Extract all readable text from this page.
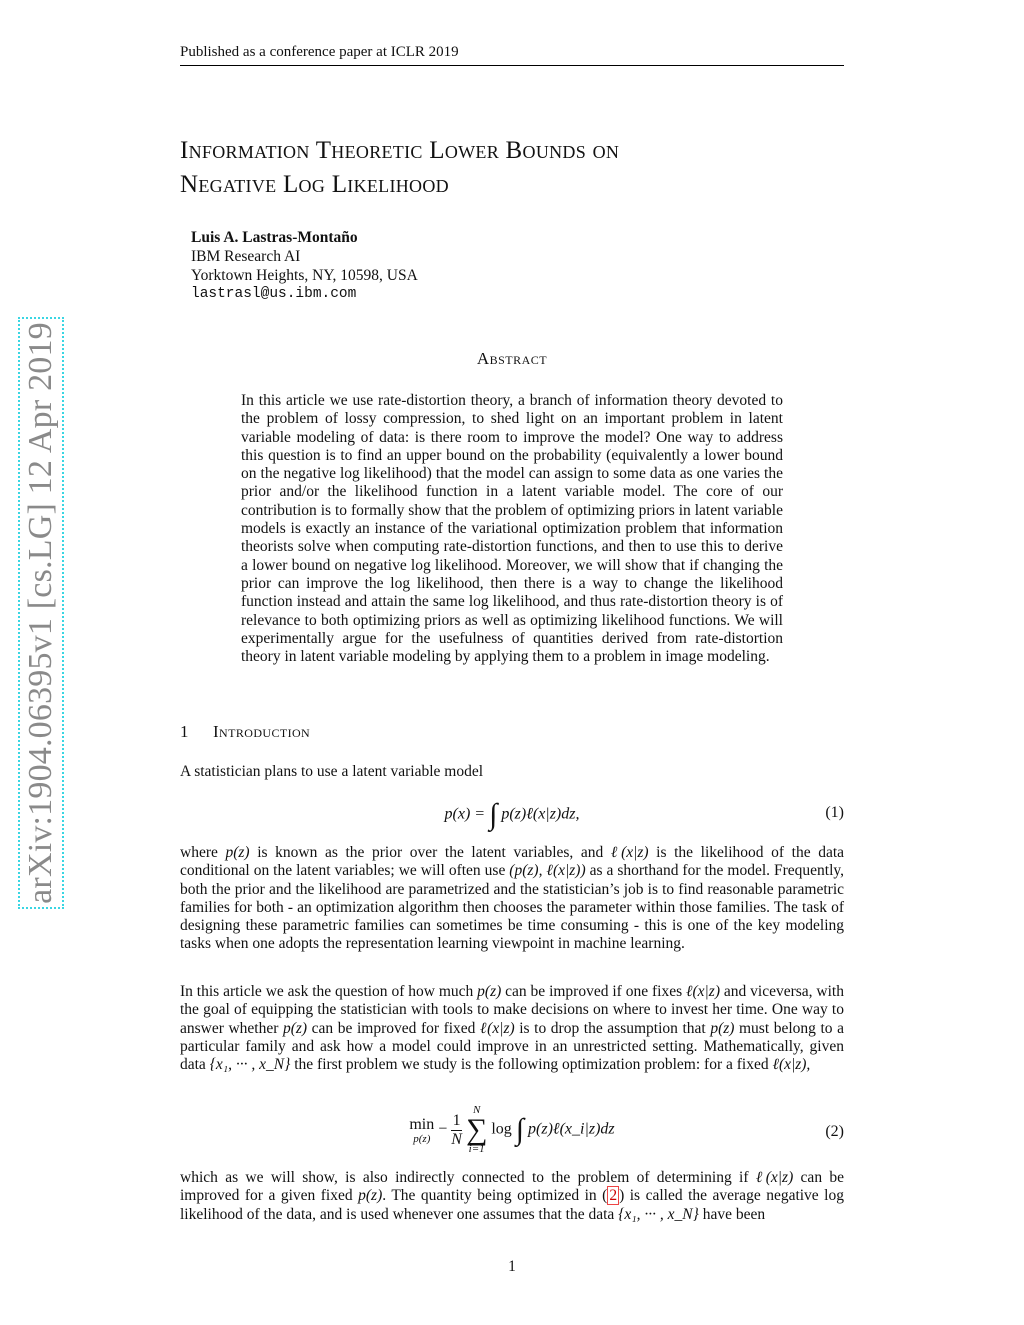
Published as a conference paper at ICLR 2019
arXiv:1904.06395v1 [cs.LG] 12 Apr 2019
Information Theoretic Lower Bounds on
Negative Log Likelihood
Luis A. Lastras-Montaño
IBM Research AI
Yorktown Heights, NY, 10598, USA
lastrasl@us.ibm.com
Abstract
In this article we use rate-distortion theory, a branch of information theory devoted to the problem of lossy compression, to shed light on an important problem in latent variable modeling of data: is there room to improve the model? One way to address this question is to find an upper bound on the probability (equivalently a lower bound on the negative log likelihood) that the model can assign to some data as one varies the prior and/or the likelihood function in a latent variable model. The core of our contribution is to formally show that the problem of optimizing priors in latent variable models is exactly an instance of the variational optimization problem that information theorists solve when computing rate-distortion functions, and then to use this to derive a lower bound on negative log likelihood. Moreover, we will show that if changing the prior can improve the log likelihood, then there is a way to change the likelihood function instead and attain the same log likelihood, and thus rate-distortion theory is of relevance to both optimizing priors as well as optimizing likelihood functions. We will experimentally argue for the usefulness of quantities derived from rate-distortion theory in latent variable modeling by applying them to a problem in image modeling.
1 Introduction
A statistician plans to use a latent variable model
p(x) = ∫ p(z)ℓ(x|z)dz,	(1)
where p(z) is known as the prior over the latent variables, and ℓ(x|z) is the likelihood of the data conditional on the latent variables; we will often use (p(z), ℓ(x|z)) as a shorthand for the model. Frequently, both the prior and the likelihood are parametrized and the statistician’s job is to find reasonable parametric families for both - an optimization algorithm then chooses the parameter within those families. The task of designing these parametric families can sometimes be time consuming - this is one of the key modeling tasks when one adopts the representation learning viewpoint in machine learning.
In this article we ask the question of how much p(z) can be improved if one fixes ℓ(x|z) and viceversa, with the goal of equipping the statistician with tools to make decisions on where to invest her time. One way to answer whether p(z) can be improved for fixed ℓ(x|z) is to drop the assumption that p(z) must belong to a particular family and ask how a model could improve in an unrestricted setting. Mathematically, given data {x₁, ··· , x_N} the first problem we study is the following optimization problem: for a fixed ℓ(x|z),
min
p(z)
− $\frac{1}{N}$

N
∑
i=1
log ∫ p(z)ℓ(x_i|z)dz	(2)
which as we will show, is also indirectly connected to the problem of determining if ℓ(x|z) can be improved for a given fixed p(z). The quantity being optimized in ( 2 ) is called the average negative log likelihood of the data, and is used whenever one assumes that the data {x₁, ··· , x_N} have been
1
